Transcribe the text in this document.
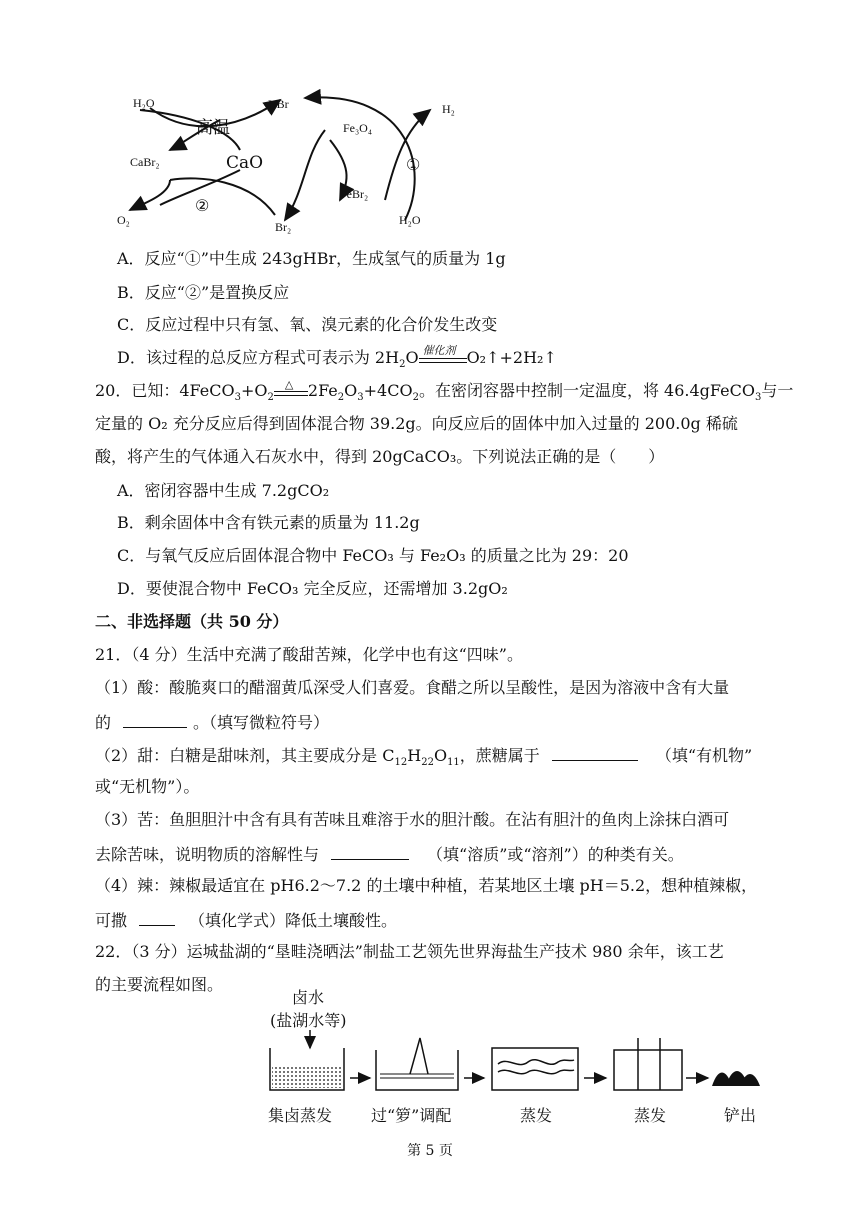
H₂O
高温
CaBr₂	CaO
O₂
②
HBr
Fe₃O₄
FeBr₂
Br₂
H₂
①
H₂O
A．反应“①”中生成 243gHBr，生成氢气的质量为 1g
B．反应“②”是置换反应
C．反应过程中只有氢、氧、溴元素的化合价发生改变
D．该过程的总反应方程式可表示为 $2H_2O$ 催化剂 O₂↑+2H₂↑
20．已知：$4FeCO_3+O_2$
△ $2Fe_2O_3+4CO_2$。在密闭容器中控制一定温度，将 46.4gFeCO$_3$与一
定量的 O₂ 充分反应后得到固体混合物 39.2g。向反应后的固体中加入过量的 200.0g 稀硫
酸，将产生的气体通入石灰水中，得到 20gCaCO₃。下列说法正确的是（　　）
A．密闭容器中生成 7.2gCO₂
B．剩余固体中含有铁元素的质量为 11.2g
C．与氧气反应后固体混合物中 FeCO₃ 与 Fe₂O₃ 的质量之比为 29：20
D．要使混合物中 FeCO₃ 完全反应，还需增加 3.2gO₂
二、非选择题（共 50 分）
21．（4 分）生活中充满了酸甜苦辣，化学中也有这“四味”。
（1）酸：酸脆爽口的醋溜黄瓜深受人们喜爱。食醋之所以呈酸性，是因为溶液中含有大量
的	。（填写微粒符号）
（2）甜：白糖是甜味剂，其主要成分是 $C_{12}H_{22}O_{11}$，蔗糖属于	（填“有机物”
或“无机物”）。
（3）苦：鱼胆胆汁中含有具有苦味且难溶于水的胆汁酸。在沾有胆汁的鱼肉上涂抹白酒可
去除苦味，说明物质的溶解性与	（填“溶质”或“溶剂”）的种类有关。
（4）辣：辣椒最适宜在 pH6.2～7.2 的土壤中种植，若某地区土壤 pH＝5.2，想种植辣椒，
可撒	（填化学式）降低土壤酸性。
22．（3 分）运城盐湖的“垦畦浇晒法”制盐工艺领先世界海盐生产技术 980 余年，该工艺
的主要流程如图。
卤水
(盐湖水等)
集卤蒸发 过“箩”调配	蒸发	蒸发	铲出
第 5 页
